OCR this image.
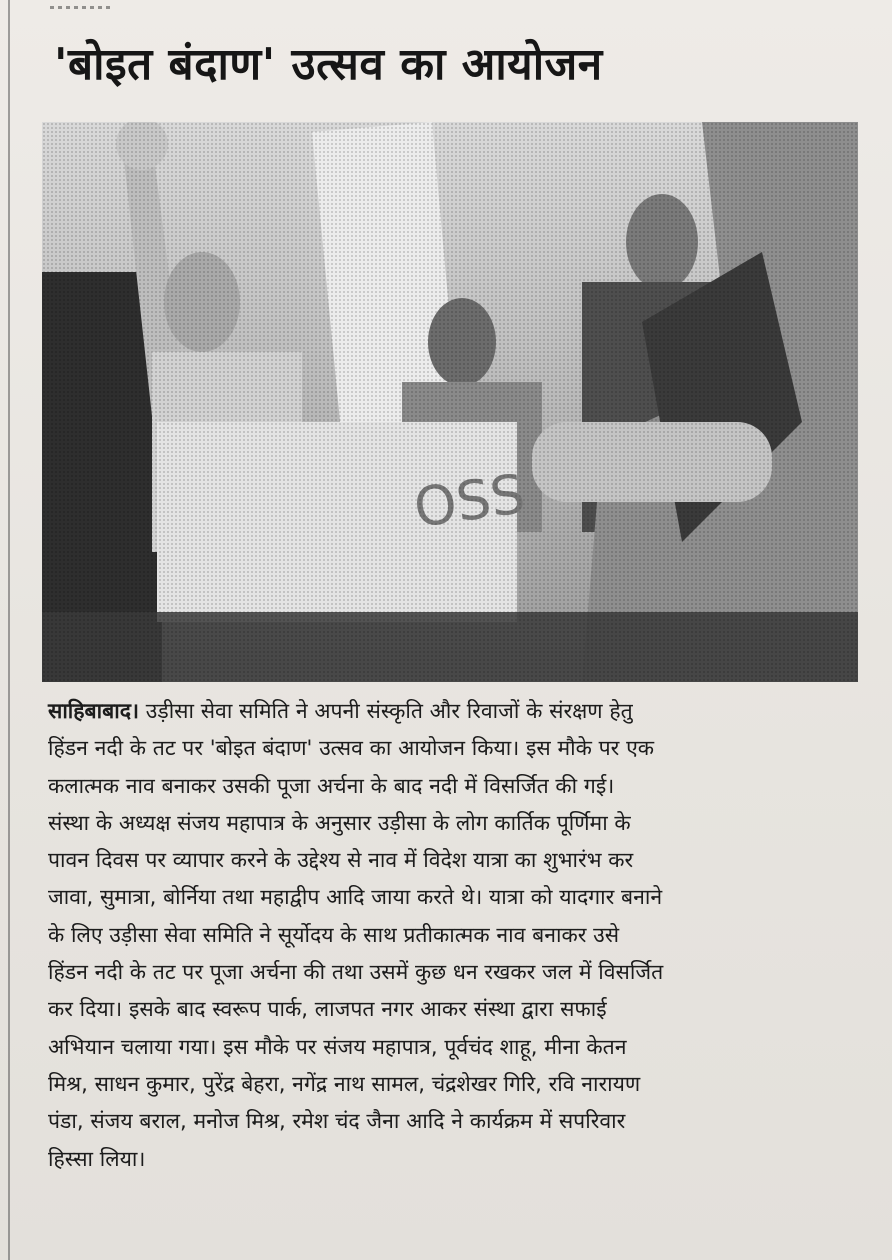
'बोइत बंदाण' उत्सव का आयोजन
साहिबाबाद। उड़ीसा सेवा समिति ने अपनी संस्कृति और रिवाजों के संरक्षण हेतु
हिंडन नदी के तट पर 'बोइत बंदाण' उत्सव का आयोजन किया। इस मौके पर एक
कलात्मक नाव बनाकर उसकी पूजा अर्चना के बाद नदी में विसर्जित की गई।
संस्था के अध्यक्ष संजय महापात्र के अनुसार उड़ीसा के लोग कार्तिक पूर्णिमा के
पावन दिवस पर व्यापार करने के उद्देश्य से नाव में विदेश यात्रा का शुभारंभ कर
जावा, सुमात्रा, बोर्निया तथा महाद्वीप आदि जाया करते थे। यात्रा को यादगार बनाने
के लिए उड़ीसा सेवा समिति ने सूर्योदय के साथ प्रतीकात्मक नाव बनाकर उसे
हिंडन नदी के तट पर पूजा अर्चना की तथा उसमें कुछ धन रखकर जल में विसर्जित
कर दिया। इसके बाद स्वरूप पार्क, लाजपत नगर आकर संस्था द्वारा सफाई
अभियान चलाया गया। इस मौके पर संजय महापात्र, पूर्वचंद शाहू, मीना केतन
मिश्र, साधन कुमार, पुरेंद्र बेहरा, नगेंद्र नाथ सामल, चंद्रशेखर गिरि, रवि नारायण
पंडा, संजय बराल, मनोज मिश्र, रमेश चंद जैना आदि ने कार्यक्रम में सपरिवार
हिस्सा लिया।
